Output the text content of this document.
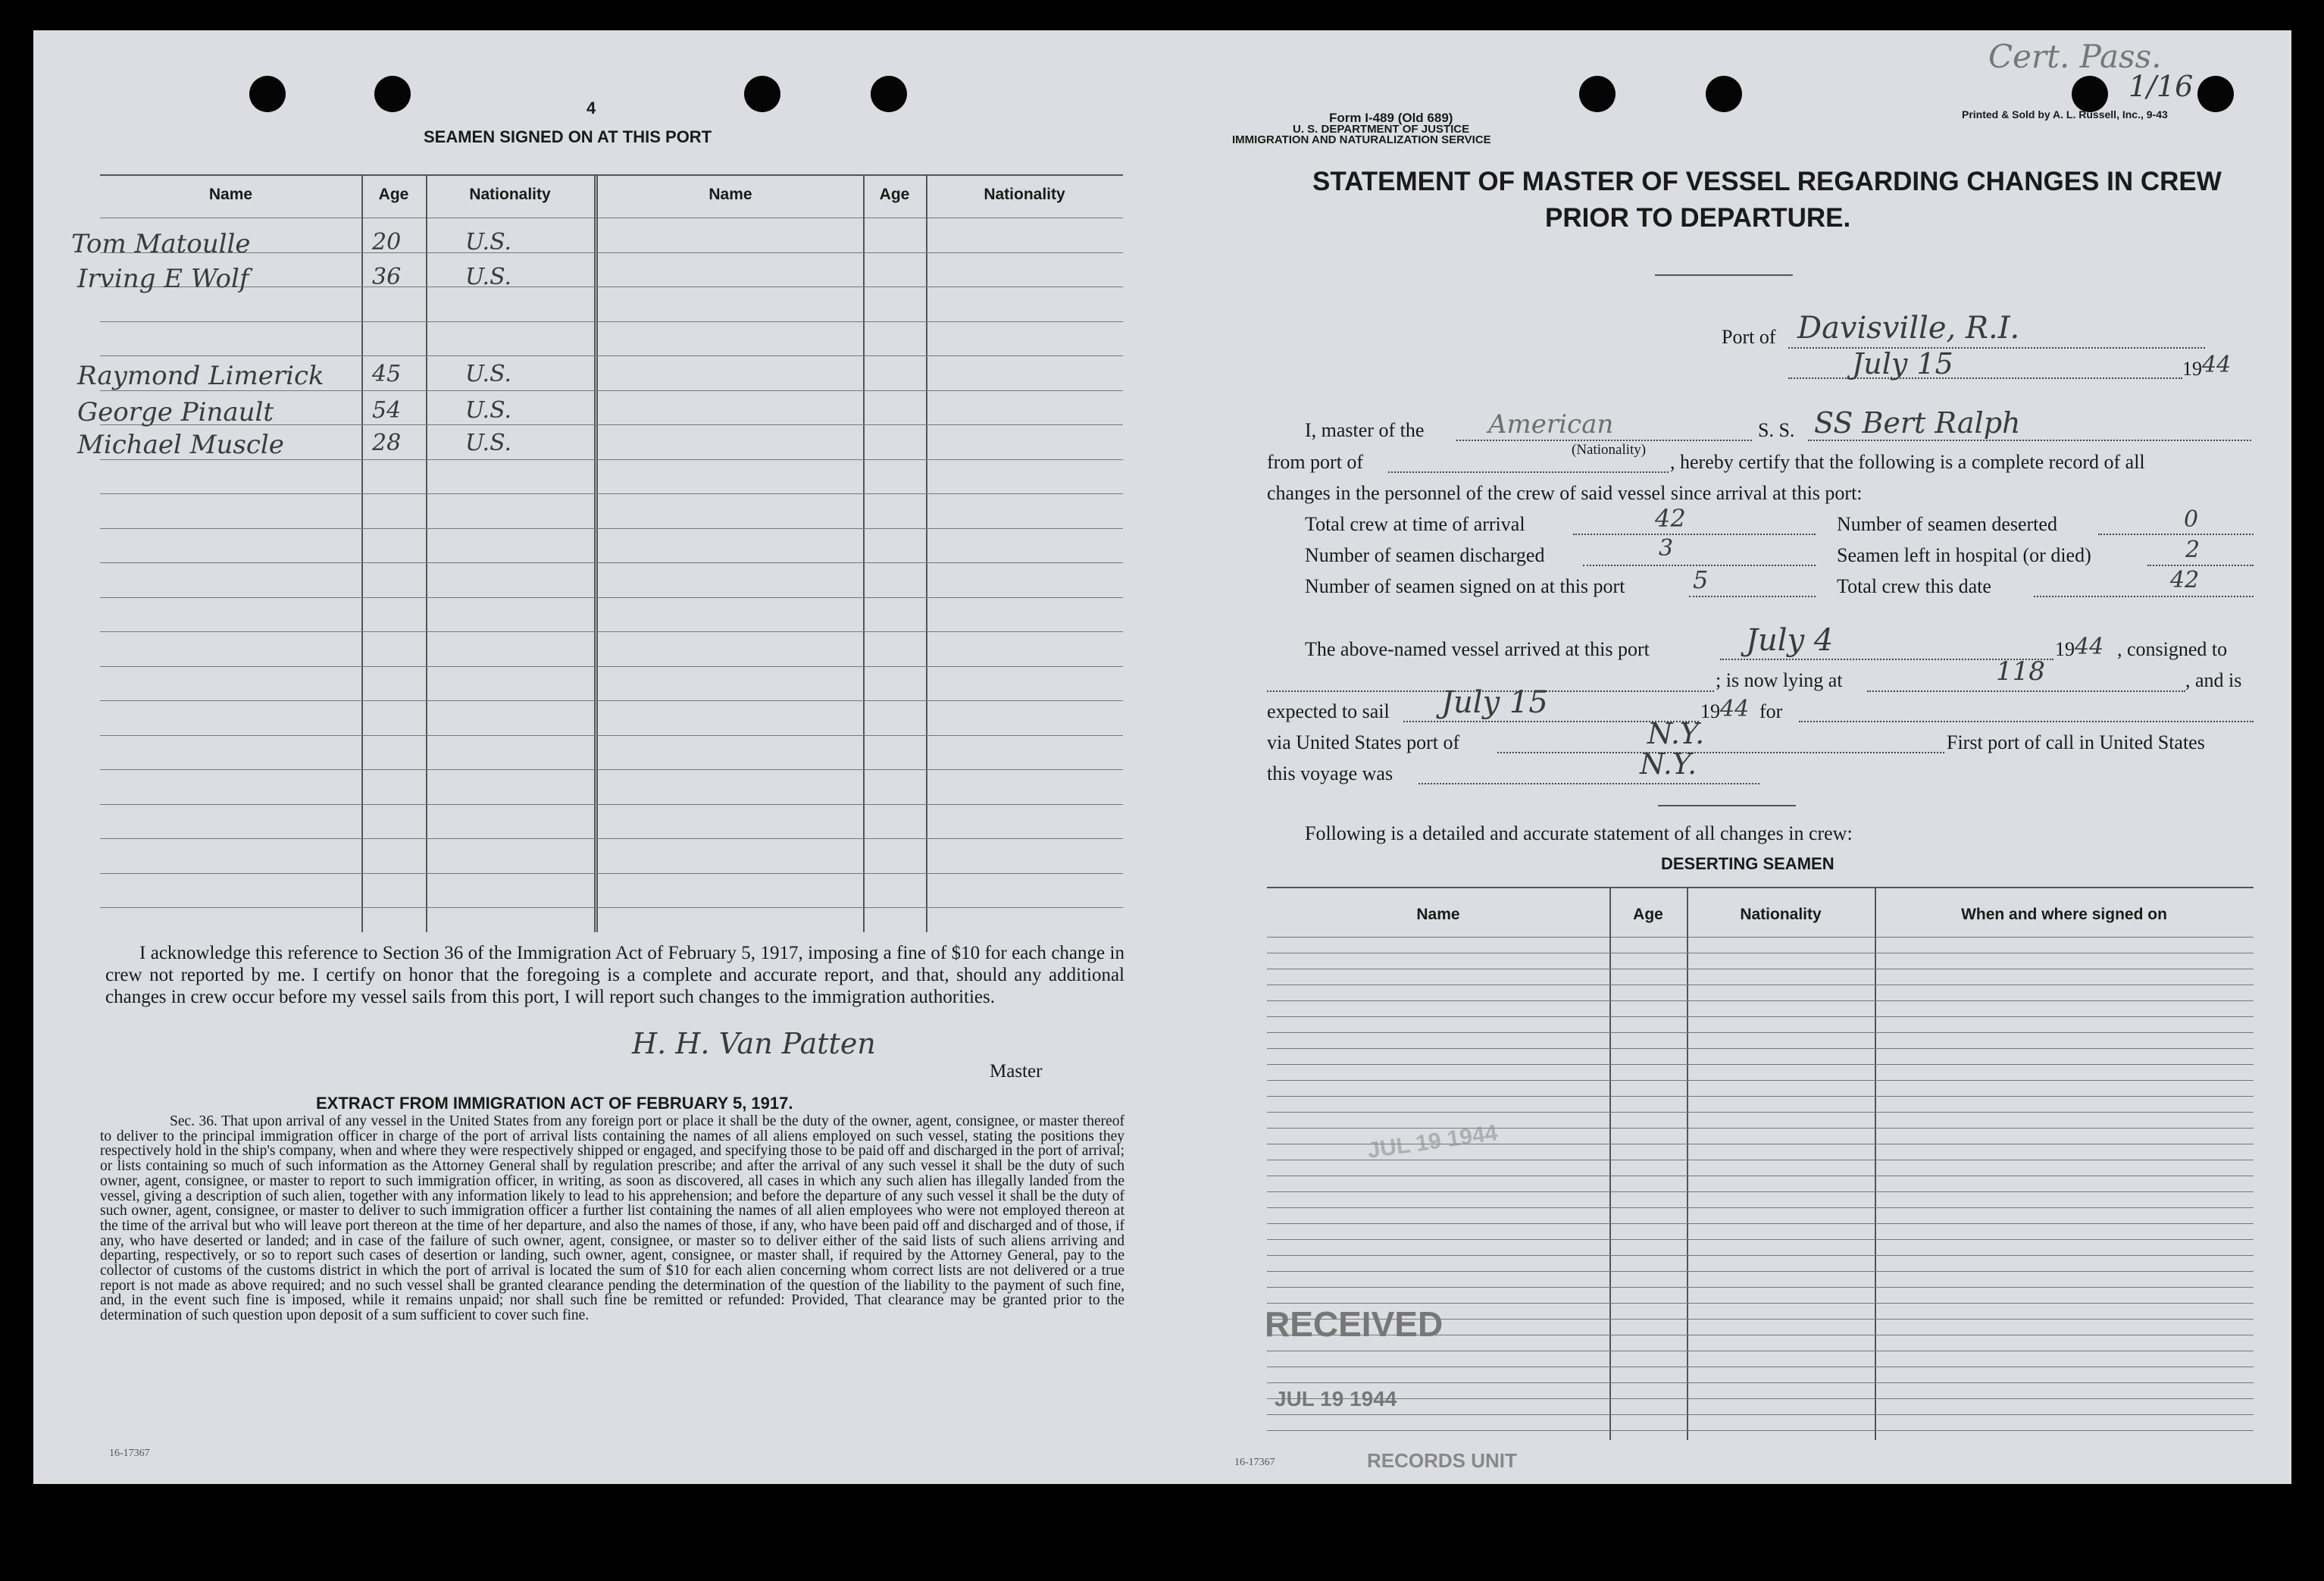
4
SEAMEN SIGNED ON AT THIS PORT
Name	Age	Nationality	Name	Age	Nationality
Tom Matoulle	20	U.S.
Irving E Wolf	36	U.S.
Raymond Limerick 45	U.S.
George Pinault	54	U.S.
Michael Muscle	28	U.S.
I acknowledge this reference to Section 36 of the Immigration Act of February 5, 1917, imposing a fine of $10 for each change in crew not reported by me. I certify on honor that the foregoing is a complete and accurate report, and that, should any additional changes in crew occur before my vessel sails from this port, I will report such changes to the immigration authorities.
H. H. Van Patten
Master
EXTRACT FROM IMMIGRATION ACT OF FEBRUARY 5, 1917.
Sec. 36. That upon arrival of any vessel in the United States from any foreign port or place it shall be the duty of the owner, agent, consignee, or master thereof to deliver to the principal immigration officer in charge of the port of arrival lists containing the names of all aliens employed on such vessel, stating the positions they respectively hold in the ship's company, when and where they were respectively shipped or engaged, and specifying those to be paid off and discharged in the port of arrival; or lists containing so much of such information as the Attorney General shall by regulation prescribe; and after the arrival of any such vessel it shall be the duty of such owner, agent, consignee, or master to report to such immigration officer, in writing, as soon as discovered, all cases in which any such alien has illegally landed from the vessel, giving a description of such alien, together with any information likely to lead to his apprehension; and before the departure of any such vessel it shall be the duty of such owner, agent, consignee, or master to deliver to such immigration officer a further list containing the names of all alien employees who were not employed thereon at the time of the arrival but who will leave port thereon at the time of her departure, and also the names of those, if any, who have been paid off and discharged and of those, if any, who have deserted or landed; and in case of the failure of such owner, agent, consignee, or master so to deliver either of the said lists of such aliens arriving and departing, respectively, or so to report such cases of desertion or landing, such owner, agent, consignee, or master shall, if required by the Attorney General, pay to the collector of customs of the customs district in which the port of arrival is located the sum of $10 for each alien concerning whom correct lists are not delivered or a true report is not made as above required; and no such vessel shall be granted clearance pending the determination of the question of the liability to the payment of such fine, and, in the event such fine is imposed, while it remains unpaid; nor shall such fine be remitted or refunded: Provided, That clearance may be granted prior to the determination of such question upon deposit of a sum sufficient to cover such fine.
16-17367
Cert. Pass.
1/16
Form I-489 (Old 689)
U. S. DEPARTMENT OF JUSTICE
IMMIGRATION AND NATURALIZATION SERVICE
Printed & Sold by A. L. Russell, Inc., 9-43
STATEMENT OF MASTER OF VESSEL REGARDING CHANGES IN CREW
PRIOR TO DEPARTURE.
Port of Davisville, R.I.
July 15	19 44
I, master of the American
(Nationality)
S. S. SS Bert Ralph
from port of	, hereby certify that the following is a complete record of all
changes in the personnel of the crew of said vessel since arrival at this port:
Total crew at time of arrival	42	Number of seamen deserted	0
Number of seamen discharged	3	Seamen left in hospital (or died)	2
Number of seamen signed on at this port	5	Total crew this date	42
The above-named vessel arrived at this port	July 4	19 44 , consigned to
; is now lying at	118	, and is
expected to sail July 15	19 44 for
via United States port of	N.Y.	First port of call in United States
this voyage was	N.Y.
Following is a detailed and accurate statement of all changes in crew:
DESERTING SEAMEN
Name	Age	Nationality	When and where signed on
JUL 19 1944
RECEIVED
JUL 19 1944
RECORDS UNIT
16-17367
